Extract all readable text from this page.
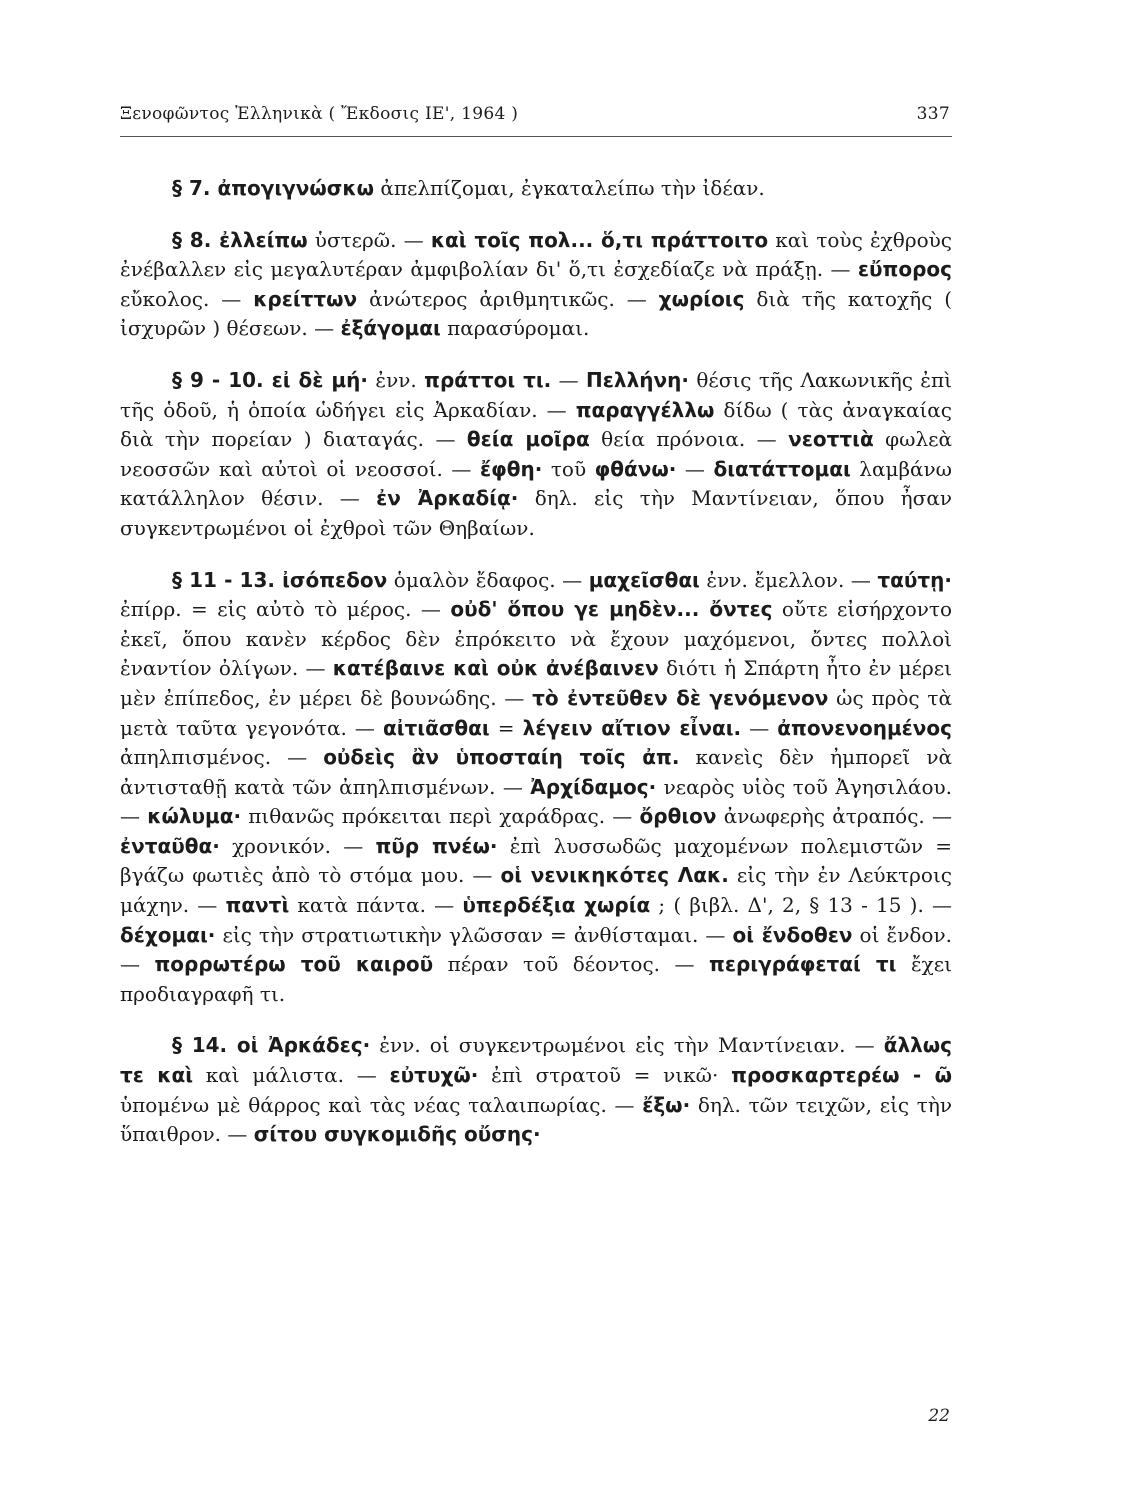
Ξενοφῶντος Ἑλληνικὰ ( Ἔκδοσις ΙΕ', 1964 )	337

§ 7. ἀπογιγνώσκω ἀπελπίζομαι, ἐγκαταλείπω τὴν ἰδέαν.

§ 8. ἐλλείπω ὑστερῶ. — καὶ τοῖς πολ... ὅ,τι πράττοιτο καὶ τοὺς ἐχθροὺς ἐνέβαλλεν εἰς μεγαλυτέραν ἀμφιβολίαν δι' ὅ,τι ἐσχεδίαζε νὰ πράξῃ. — εὔπορος εὔκολος. — κρείττων ἀνώτερος ἀριθμητικῶς. — χωρίοις διὰ τῆς κατοχῆς ( ἰσχυρῶν ) θέσεων. — ἐξάγομαι παρασύρομαι.

§ 9 - 10. εἰ δὲ μή· ἐνν. πράττοι τι. — Πελλήνη· θέσις τῆς Λακωνικῆς ἐπὶ τῆς ὁδοῦ, ἡ ὁποία ὡδήγει εἰς Ἀρκαδίαν. — παραγγέλλω δίδω ( τὰς ἀναγκαίας διὰ τὴν πορείαν ) διαταγάς. — θεία μοῖρα θεία πρόνοια. — νεοττιὰ φωλεὰ νεοσσῶν καὶ αὐτοὶ οἱ νεοσσοί. — ἔφθη· τοῦ φθάνω· — διατάττομαι λαμβάνω κατάλληλον θέσιν. — ἐν Ἀρκαδίᾳ· δηλ. εἰς τὴν Μαντίνειαν, ὅπου ἦσαν συγκεντρωμένοι οἱ ἐχθροὶ τῶν Θηβαίων.

§ 11 - 13. ἰσόπεδον ὁμαλὸν ἔδαφος. — μαχεῖσθαι ἐνν. ἔμελλον. — ταύτῃ· ἐπίρρ. = εἰς αὐτὸ τὸ μέρος. — οὐδ' ὅπου γε μηδὲν... ὄντες οὔτε εἰσήρχοντο ἐκεῖ, ὅπου κανὲν κέρδος δὲν ἐπρόκειτο νὰ ἔχουν μαχόμενοι, ὄντες πολλοὶ ἐναντίον ὀλίγων. — κατέβαινε καὶ οὐκ ἀνέβαινεν διότι ἡ Σπάρτη ἦτο ἐν μέρει μὲν ἐπίπεδος, ἐν μέρει δὲ βουνώδης. — τὸ ἐντεῦθεν δὲ γενόμενον ὡς πρὸς τὰ μετὰ ταῦτα γεγονότα. — αἰτιᾶσθαι = λέγειν αἴτιον εἶναι. — ἀπονενοημένος ἀπηλπισμένος. — οὐδεὶς ἂν ὑποσταίη τοῖς ἀπ. κανεὶς δὲν ἠμπορεῖ νὰ ἀντισταθῇ κατὰ τῶν ἀπηλπισμένων. — Ἀρχίδαμος· νεαρὸς υἱὸς τοῦ Ἀγησιλάου. — κώλυμα· πιθανῶς πρόκειται περὶ χαράδρας. — ὄρθιον ἀνωφερὴς ἀτραπός. — ἐνταῦθα· χρονικόν. — πῦρ πνέω· ἐπὶ λυσσωδῶς μαχομένων πολεμιστῶν = βγάζω φωτιὲς ἀπὸ τὸ στόμα μου. — οἱ νενικηκότες Λακ. εἰς τὴν ἐν Λεύκτροις μάχην. — παντὶ κατὰ πάντα. — ὑπερδέξια χωρία ; ( βιβλ. Δ', 2, § 13 - 15 ). — δέχομαι· εἰς τὴν στρατιωτικὴν γλῶσσαν = ἀνθίσταμαι. — οἱ ἔνδοθεν οἱ ἔνδον. — πορρωτέρω τοῦ καιροῦ πέραν τοῦ δέοντος. — περιγράφεταί τι ἔχει προδιαγραφῆ τι.

§ 14. οἱ Ἀρκάδες· ἐνν. οἱ συγκεντρωμένοι εἰς τὴν Μαντίνειαν. — ἄλλως τε καὶ καὶ μάλιστα. — εὐτυχῶ· ἐπὶ στρατοῦ = νικῶ· προσκαρτερέω - ῶ ὑπομένω μὲ θάρρος καὶ τὰς νέας ταλαιπωρίας. — ἔξω· δηλ. τῶν τειχῶν, εἰς τὴν ὕπαιθρον. — σίτου συγκομιδῆς οὔσης·

22
